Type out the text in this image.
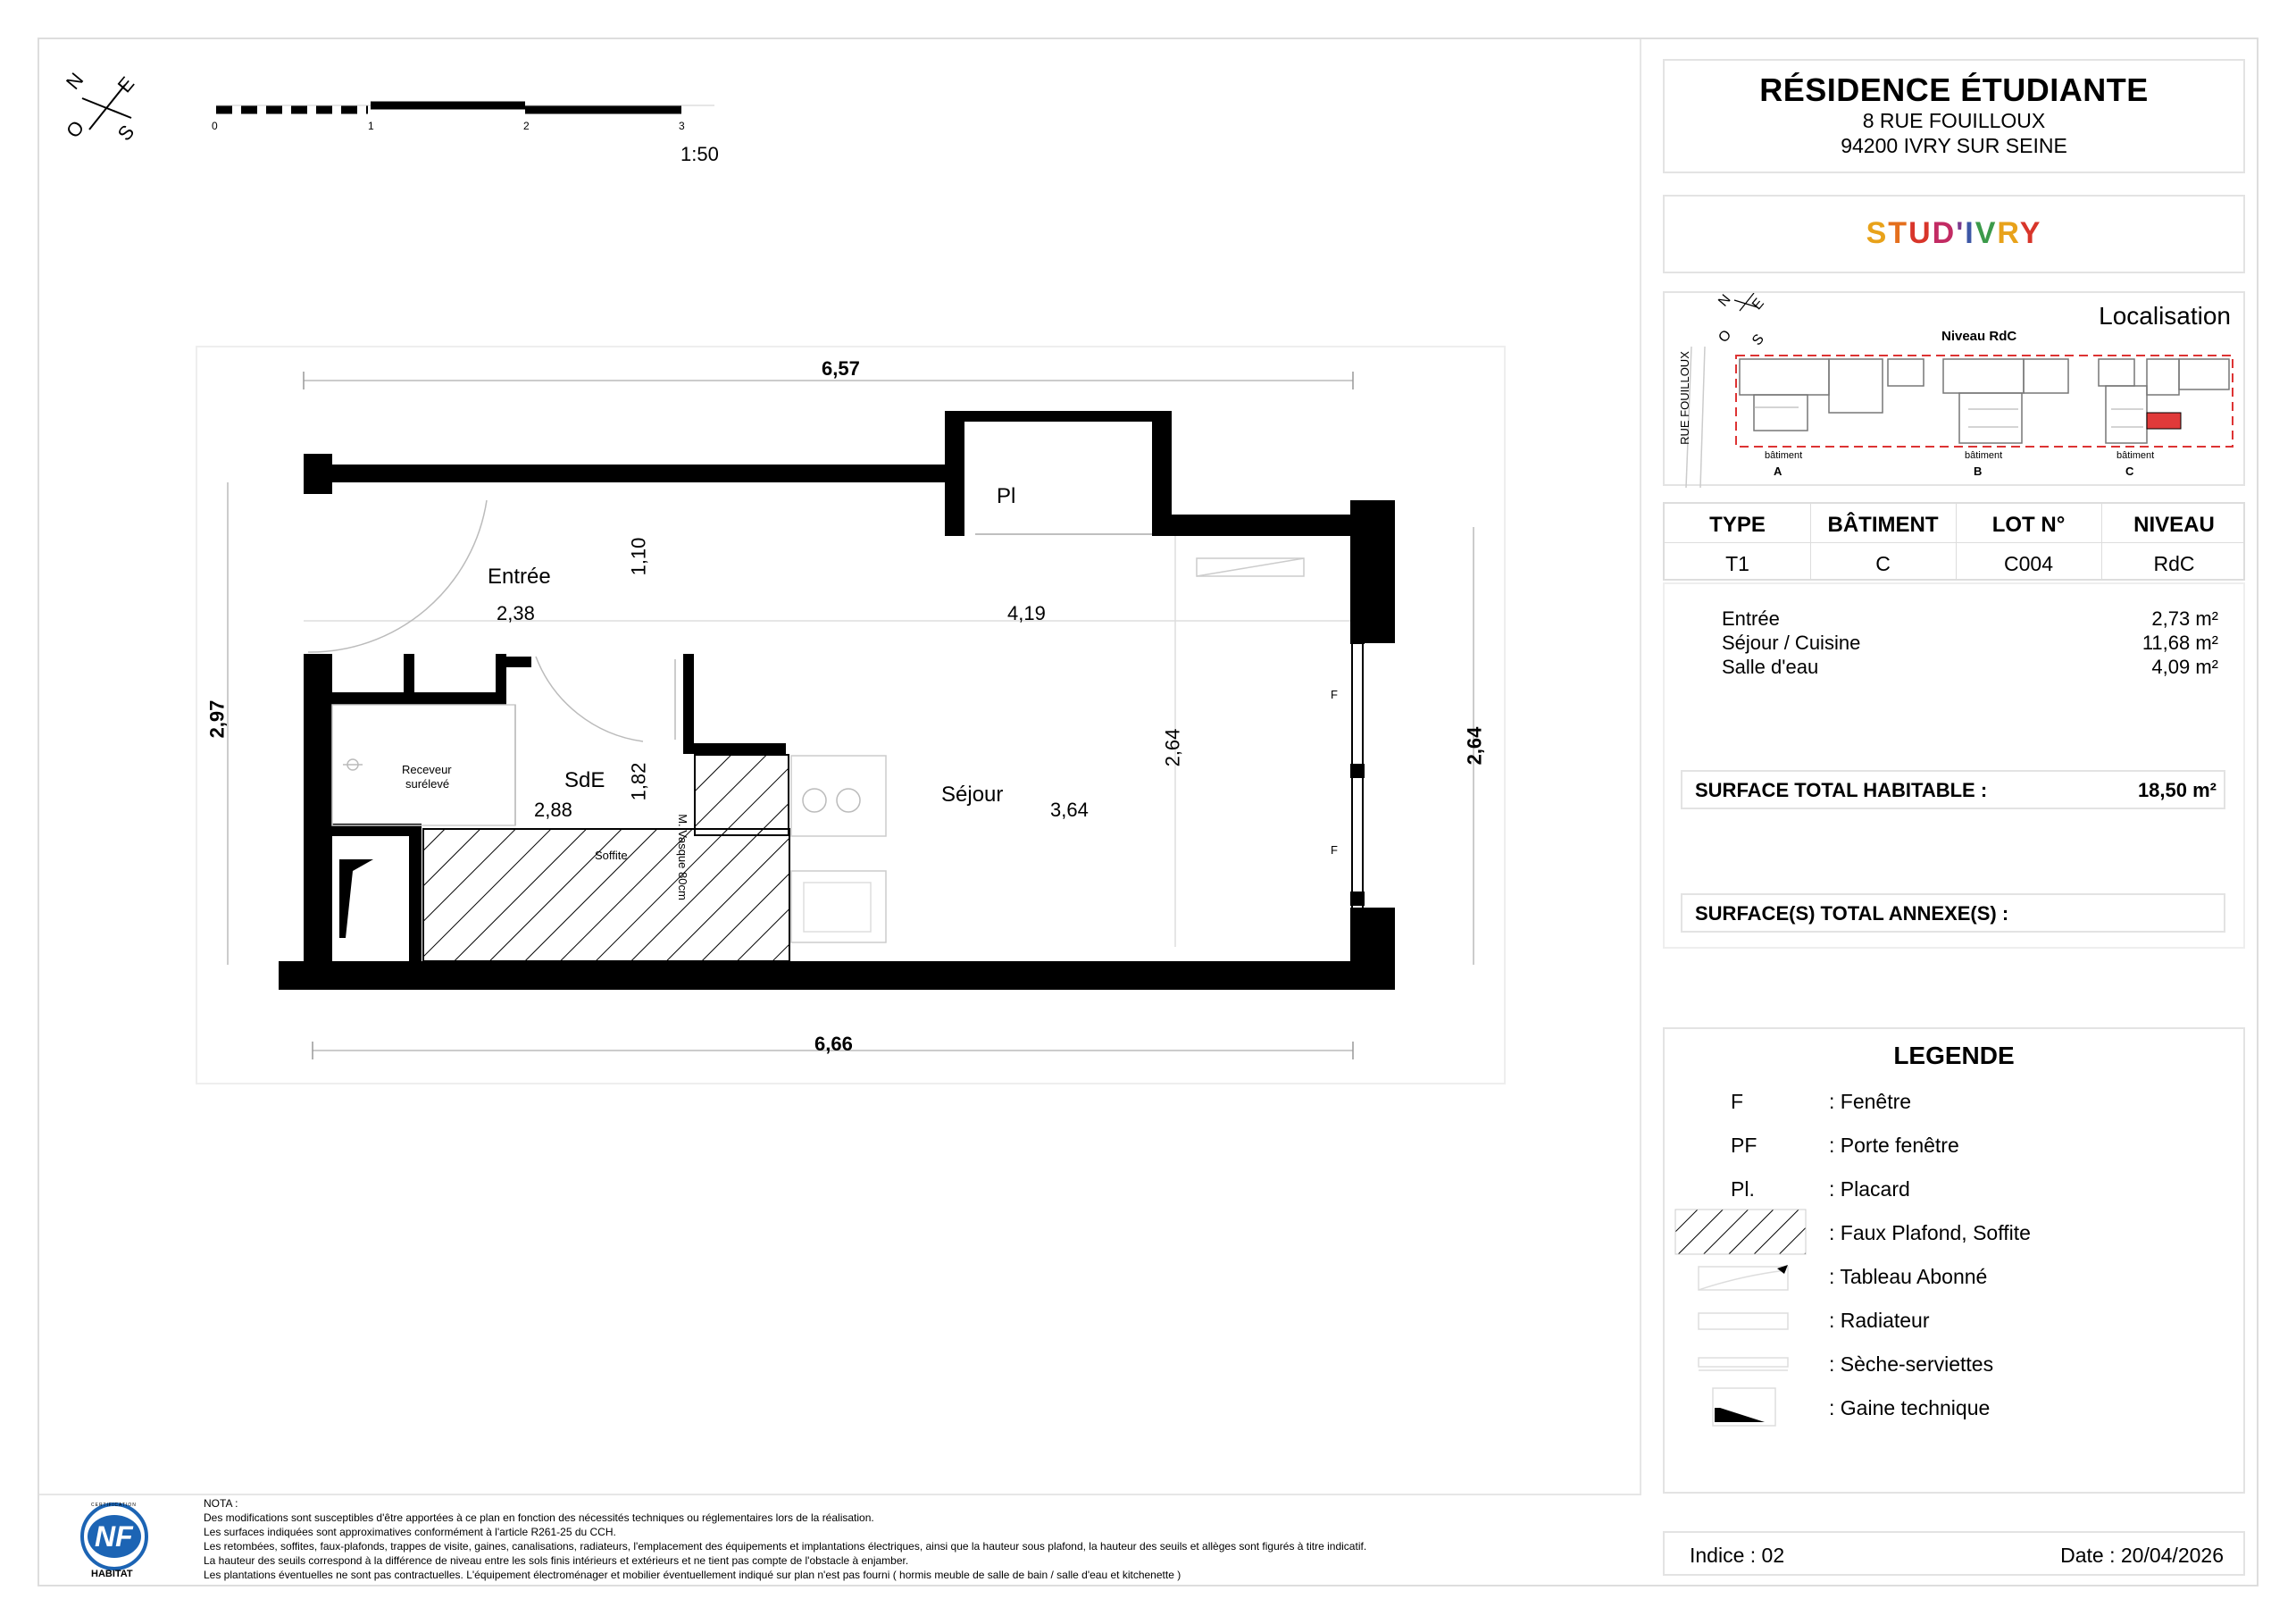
N E
O S	0	1	2	3
1:50
6,57
6,66
2,97
2,64
Entrée
2,38
1,10
4,19
Pl
2,64
Séjour
3,64
SdE
2,88
1,82
Receveur
surélevé
Soffite	M. Vasque 80cm
F
F
RÉSIDENCE ÉTUDIANTE
8 RUE FOUILLOUX
94200 IVRY SUR SEINE
STUD'IVRY
Localisation
N E
O S	Niveau RdC
RUE FOUILLOUX
bâtiment
A
bâtiment
B
bâtiment
C
TYPE	BÂTIMENT	LOT N°	NIVEAU
T1	C	C004	RdC
Entrée	2,73 m²
Séjour / Cuisine	11,68 m²
Salle d'eau	4,09 m²
SURFACE TOTAL HABITABLE :	18,50 m²
SURFACE(S) TOTAL ANNEXE(S) :
LEGENDE
F	: Fenêtre
PF	: Porte fenêtre
Pl.	: Placard
: Faux Plafond, Soffite
: Tableau Abonné
: Radiateur
: Sèche-serviettes
: Gaine technique
Indice : 02	Date : 20/04/2026
NF
CERTIFICATION
HABITAT
NOTA :
Des modifications sont susceptibles d'être apportées à ce plan en fonction des nécessités techniques ou réglementaires lors de la réalisation.
Les surfaces indiquées sont approximatives conformément à l'article R261-25 du CCH.
Les retombées, soffites, faux-plafonds, trappes de visite, gaines, canalisations, radiateurs, l'emplacement des équipements et implantations électriques, ainsi que la hauteur sous plafond, la hauteur des seuils et allèges sont figurés à titre indicatif.
La hauteur des seuils correspond à la différence de niveau entre les sols finis intérieurs et extérieurs et ne tient pas compte de l'obstacle à enjamber.
Les plantations éventuelles ne sont pas contractuelles. L'équipement électroménager et mobilier éventuellement indiqué sur plan n'est pas fourni ( hormis meuble de salle de bain / salle d'eau et kitchenette )
